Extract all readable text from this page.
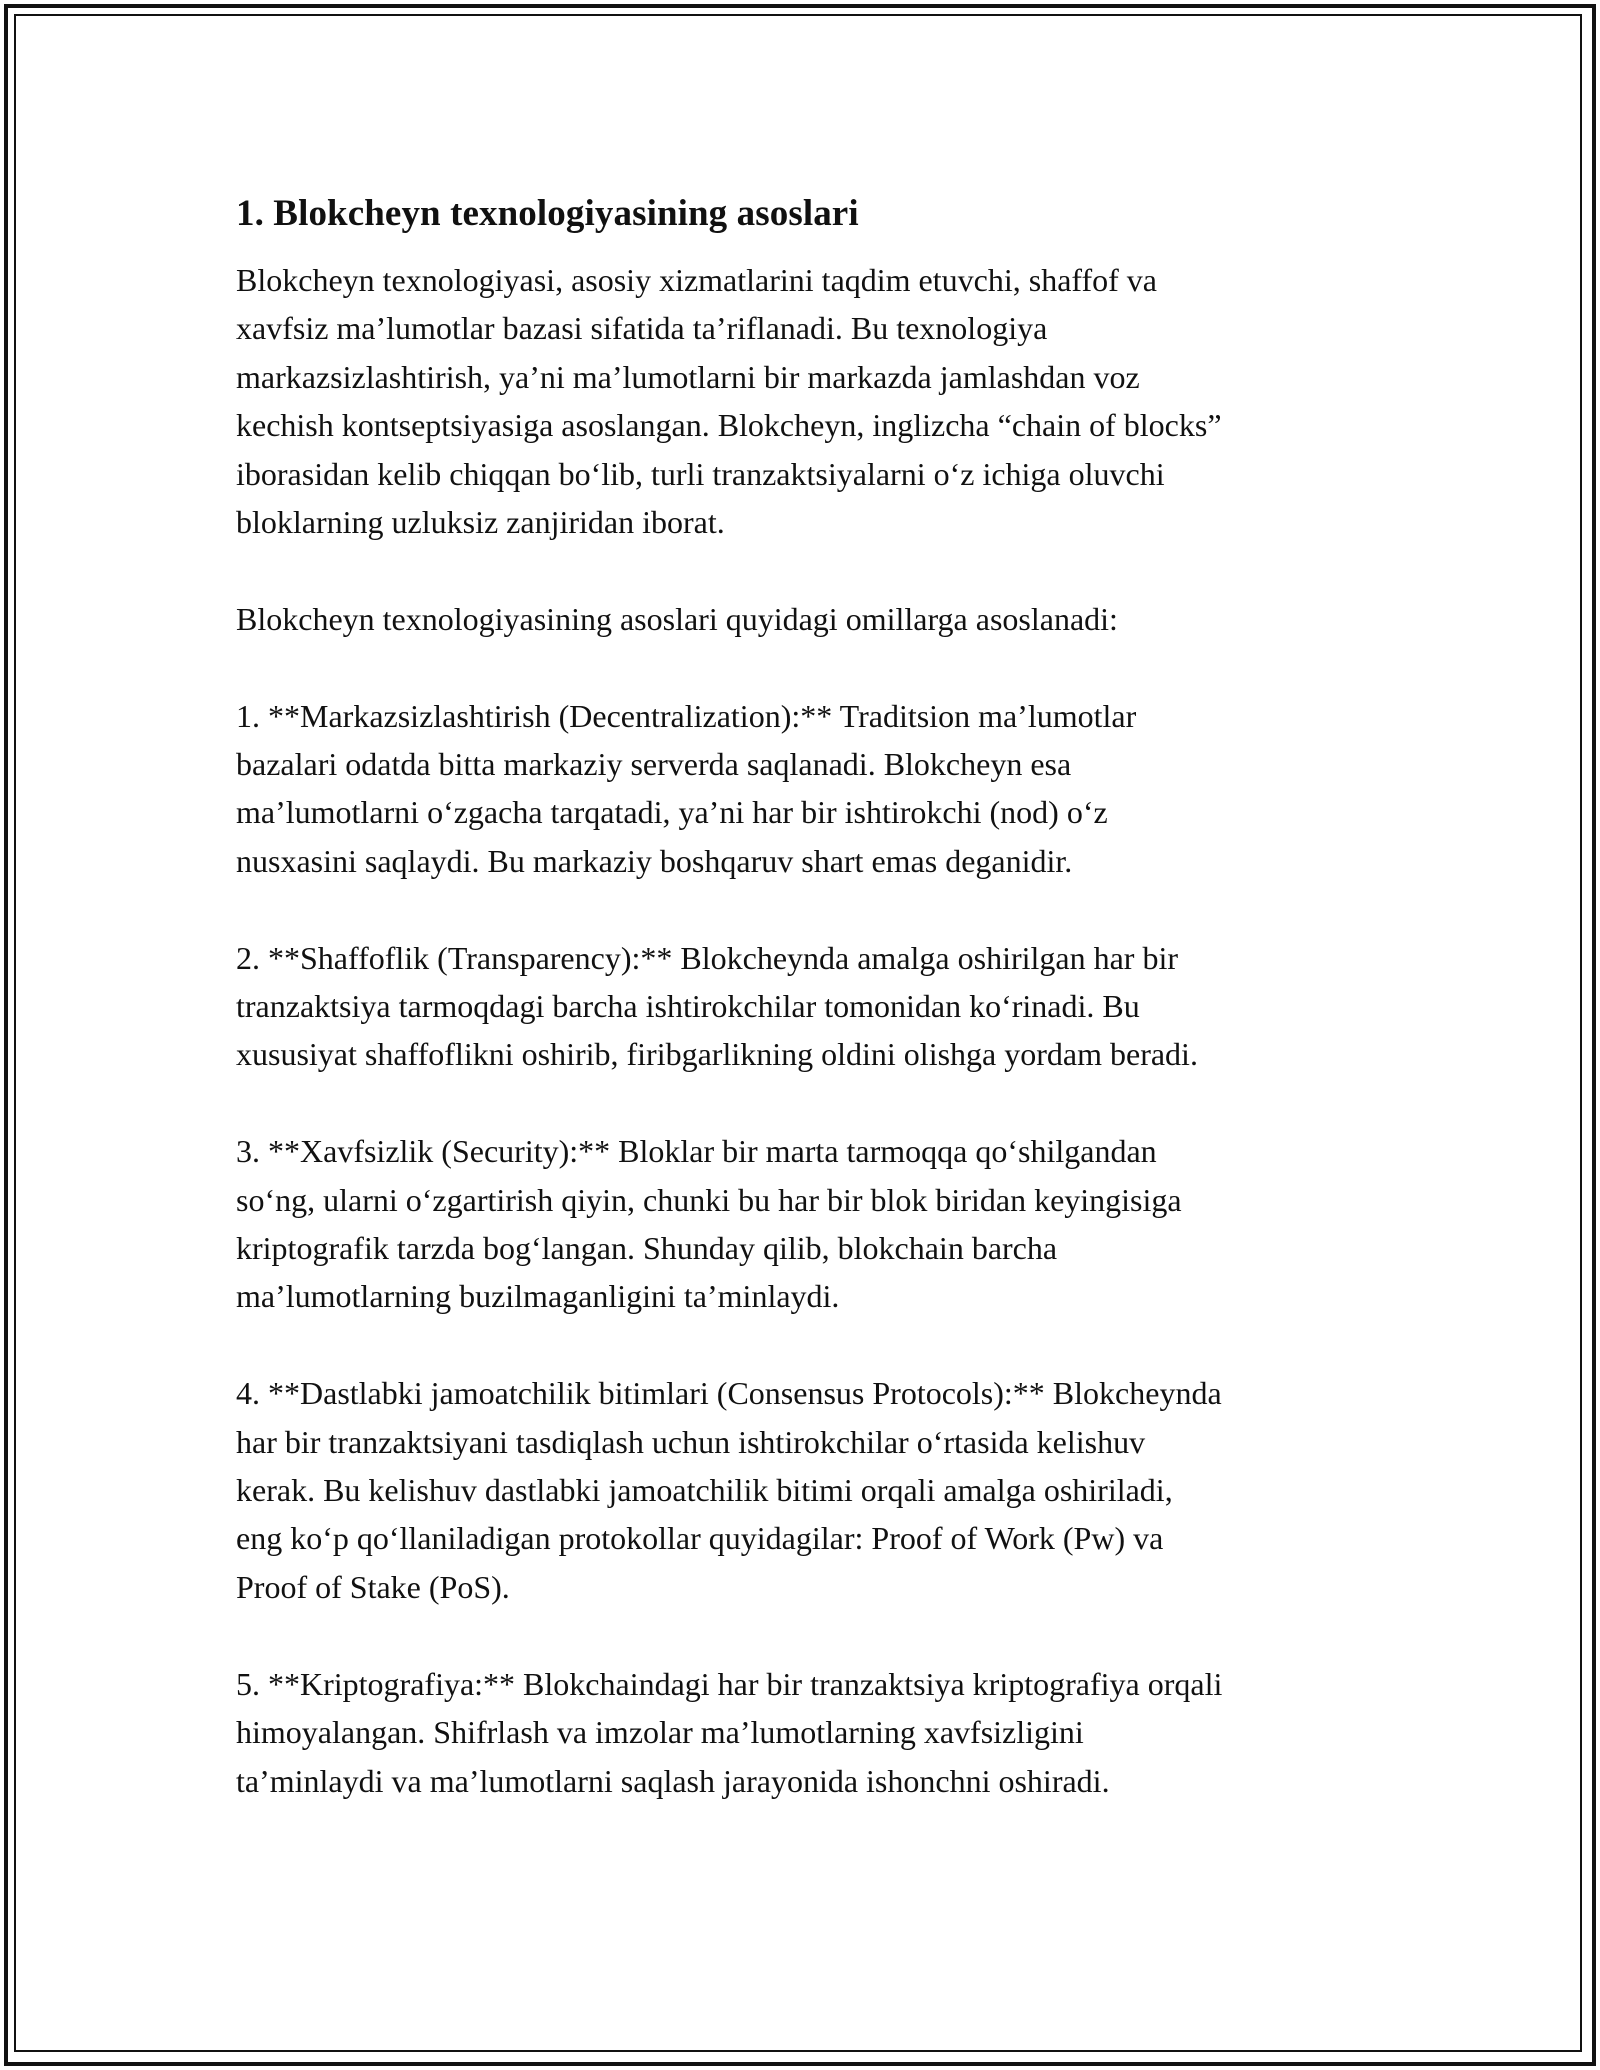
1. Blokcheyn texnologiyasining asoslari

Blokcheyn texnologiyasi, asosiy xizmatlarini taqdim etuvchi, shaffof va
xavfsiz ma’lumotlar bazasi sifatida ta’riflanadi. Bu texnologiya
markazsizlashtirish, ya’ni ma’lumotlarni bir markazda jamlashdan voz
kechish kontseptsiyasiga asoslangan. Blokcheyn, inglizcha “chain of blocks”
iborasidan kelib chiqqan bo‘lib, turli tranzaktsiyalarni o‘z ichiga oluvchi
bloklarning uzluksiz zanjiridan iborat.

Blokcheyn texnologiyasining asoslari quyidagi omillarga asoslanadi:

1. **Markazsizlashtirish (Decentralization):** Traditsion ma’lumotlar
bazalari odatda bitta markaziy serverda saqlanadi. Blokcheyn esa
ma’lumotlarni o‘zgacha tarqatadi, ya’ni har bir ishtirokchi (nod) o‘z
nusxasini saqlaydi. Bu markaziy boshqaruv shart emas deganidir.

2. **Shaffoflik (Transparency):** Blokcheynda amalga oshirilgan har bir
tranzaktsiya tarmoqdagi barcha ishtirokchilar tomonidan ko‘rinadi. Bu
xususiyat shaffoflikni oshirib, firibgarlikning oldini olishga yordam beradi.

3. **Xavfsizlik (Security):** Bloklar bir marta tarmoqqa qo‘shilgandan
so‘ng, ularni o‘zgartirish qiyin, chunki bu har bir blok biridan keyingisiga
kriptografik tarzda bog‘langan. Shunday qilib, blokchain barcha
ma’lumotlarning buzilmaganligini ta’minlaydi.

4. **Dastlabki jamoatchilik bitimlari (Consensus Protocols):** Blokcheynda
har bir tranzaktsiyani tasdiqlash uchun ishtirokchilar o‘rtasida kelishuv
kerak. Bu kelishuv dastlabki jamoatchilik bitimi orqali amalga oshiriladi,
eng ko‘p qo‘llaniladigan protokollar quyidagilar: Proof of Work (Pw) va
Proof of Stake (PoS).

5. **Kriptografiya:** Blokchaindagi har bir tranzaktsiya kriptografiya orqali
himoyalangan. Shifrlash va imzolar ma’lumotlarning xavfsizligini
ta’minlaydi va ma’lumotlarni saqlash jarayonida ishonchni oshiradi.
